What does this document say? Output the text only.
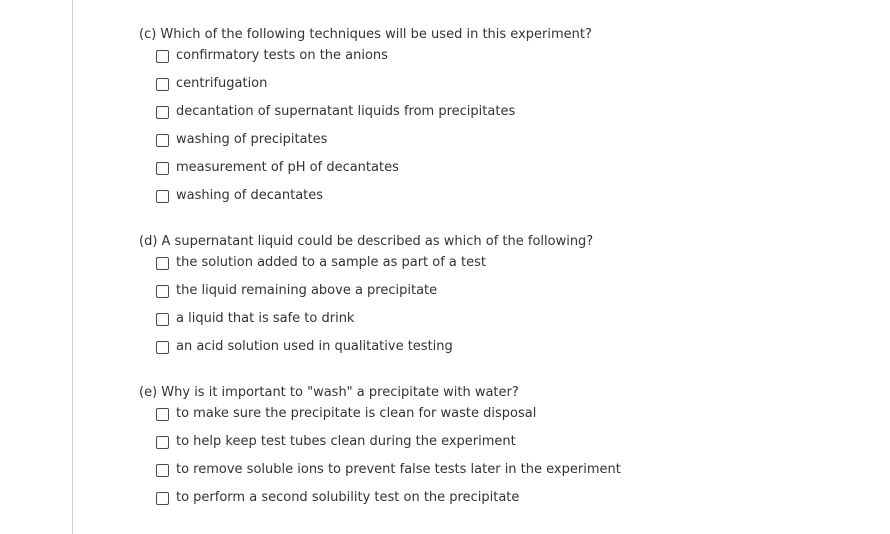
(c) Which of the following techniques will be used in this experiment?

confirmatory tests on the anions
centrifugation
decantation of supernatant liquids from precipitates
washing of precipitates
measurement of pH of decantates
washing of decantates

(d) A supernatant liquid could be described as which of the following?

the solution added to a sample as part of a test
the liquid remaining above a precipitate
a liquid that is safe to drink
an acid solution used in qualitative testing

(e) Why is it important to "wash" a precipitate with water?

to make sure the precipitate is clean for waste disposal
to help keep test tubes clean during the experiment
to remove soluble ions to prevent false tests later in the experiment
to perform a second solubility test on the precipitate
